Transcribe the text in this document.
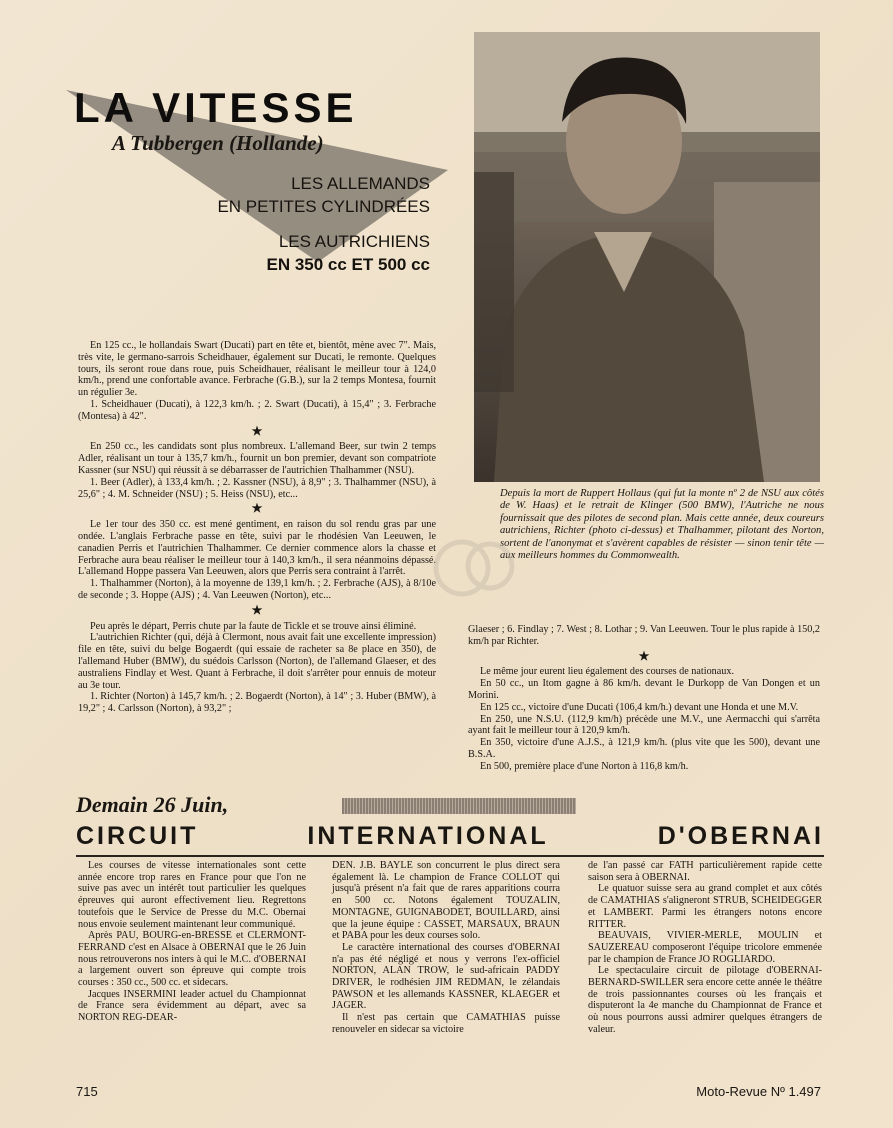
LA VITESSE
A Tubbergen (Hollande)
LES ALLEMANDS
EN PETITES CYLINDRÉES
LES AUTRICHIENS
EN 350 cc ET 500 cc
Depuis la mort de Ruppert Hollaus (qui fut la monte nº 2 de NSU aux côtés de W. Haas) et le retrait de Klinger (500 BMW), l'Autriche ne nous fournissait que des pilotes de second plan. Mais cette année, deux coureurs autrichiens, Richter (photo ci-dessus) et Thalhammer, pilotant des Norton, sortent de l'anonymat et s'avèrent capables de résister — sinon tenir tête — aux meilleurs hommes du Commonwealth.

En 125 cc., le hollandais Swart (Ducati) part en tête et, bientôt, mène avec 7". Mais, très vite, le germano-sarrois Scheidhauer, également sur Ducati, le remonte. Quelques tours, ils seront roue dans roue, puis Scheidhauer, réalisant le meilleur tour à 124,0 km/h., prend une confortable avance. Ferbrache (G.B.), sur la 2 temps Montesa, fournit un régulier 3e.

1. Scheidhauer (Ducati), à 122,3 km/h. ; 2. Swart (Ducati), à 15,4" ; 3. Ferbrache (Montesa) à 42".

★

En 250 cc., les candidats sont plus nombreux. L'allemand Beer, sur twin 2 temps Adler, réalisant un tour à 135,7 km/h., fournit un bon premier, devant son compatriote Kassner (sur NSU) qui réussit à se débarrasser de l'autrichien Thalhammer (NSU).

1. Beer (Adler), à 133,4 km/h. ; 2. Kassner (NSU), à 8,9" ; 3. Thalhammer (NSU), à 25,6" ; 4. M. Schneider (NSU) ; 5. Heiss (NSU), etc...

★

Le 1er tour des 350 cc. est mené gentiment, en raison du sol rendu gras par une ondée. L'anglais Ferbrache passe en tête, suivi par le rhodésien Van Leeuwen, le canadien Perris et l'autrichien Thalhammer. Ce dernier commence alors la chasse et Ferbrache aura beau réaliser le meilleur tour à 140,3 km/h., il sera néanmoins dépassé. L'allemand Hoppe passera Van Leeuwen, alors que Perris sera contraint à l'arrêt.

1. Thalhammer (Norton), à la moyenne de 139,1 km/h. ; 2. Ferbrache (AJS), à 8/10e de seconde ; 3. Hoppe (AJS) ; 4. Van Leeuwen (Norton), etc...

★

Peu après le départ, Perris chute par la faute de Tickle et se trouve ainsi éliminé.

L'autrichien Richter (qui, déjà à Clermont, nous avait fait une excellente impression) file en tête, suivi du belge Bogaerdt (qui essaie de racheter sa 8e place en 350), de l'allemand Huber (BMW), du suédois Carlsson (Norton), de l'allemand Glaeser, et des australiens Findlay et West. Quant à Ferbrache, il doit s'arrêter pour ennuis de moteur au 3e tour.

1. Richter (Norton) à 145,7 km/h. ; 2. Bogaerdt (Norton), à 14" ; 3. Huber (BMW), à 19,2" ; 4. Carlsson (Norton), à 93,2" ;

Glaeser ; 6. Findlay ; 7. West ; 8. Lothar ; 9. Van Leeuwen. Tour le plus rapide à 150,2 km/h par Richter.

★

Le même jour eurent lieu également des courses de nationaux.

En 50 cc., un Itom gagne à 86 km/h. devant le Durkopp de Van Dongen et un Morini.

En 125 cc., victoire d'une Ducati (106,4 km/h.) devant une Honda et une M.V.

En 250, une N.S.U. (112,9 km/h) précède une M.V., une Aermacchi qui s'arrêta ayant fait le meilleur tour à 120,9 km/h.

En 350, victoire d'une A.J.S., à 121,9 km/h. (plus vite que les 500), devant une B.S.A.

En 500, première place d'une Norton à 116,8 km/h.

Demain 26 Juin,
CIRCUIT	INTERNATIONAL	D'OBERNAI

Les courses de vitesse internationales sont cette année encore trop rares en France pour que l'on ne suive pas avec un intérêt tout particulier les quelques épreuves qui auront effectivement lieu. Regrettons toutefois que le Service de Presse du M.C. Obernai nous envoie seulement maintenant leur communiqué.

Après PAU, BOURG-en-BRESSE et CLERMONT-FERRAND c'est en Alsace à OBERNAI que le 26 Juin nous retrouverons nos inters à qui le M.C. d'OBERNAI a largement ouvert son épreuve qui compte trois courses : 350 cc., 500 cc. et sidecars.

Jacques INSERMINI leader actuel du Championnat de France sera évidemment au départ, avec sa NORTON REG-DEAR-

DEN. J.B. BAYLE son concurrent le plus direct sera également là. Le champion de France COLLOT qui jusqu'à présent n'a fait que de rares apparitions courra en 500 cc. Notons également TOUZALIN, MONTAGNE, GUIGNABODET, BOUILLARD, ainsi que la jeune équipe : CASSET, MARSAUX, BRAUN et PABA pour les deux courses solo.

Le caractère international des courses d'OBERNAI n'a pas été négligé et nous y verrons l'ex-officiel NORTON, ALAN TROW, le sud-africain PADDY DRIVER, le rodhésien JIM REDMAN, le zélandais PAWSON et les allemands KASSNER, KLAEGER et JAGER.

Il n'est pas certain que CAMATHIAS puisse renouveler en sidecar sa victoire

de l'an passé car FATH particulièrement rapide cette saison sera à OBERNAI.

Le quatuor suisse sera au grand complet et aux côtés de CAMATHIAS s'aligneront STRUB, SCHEIDEGGER et LAMBERT. Parmi les étrangers notons encore RITTER.

BEAUVAIS, VIVIER-MERLE, MOULIN et SAUZEREAU composeront l'équipe tricolore emmenée par le champion de France JO ROGLIARDO.

Le spectaculaire circuit de pilotage d'OBERNAI-BERNARD-SWILLER sera encore cette année le théâtre de trois passionnantes courses où les français et disputeront la 4e manche du Championnat de France et où nous pourrons aussi admirer quelques étrangers de valeur.

715	Moto-Revue Nº 1.497
